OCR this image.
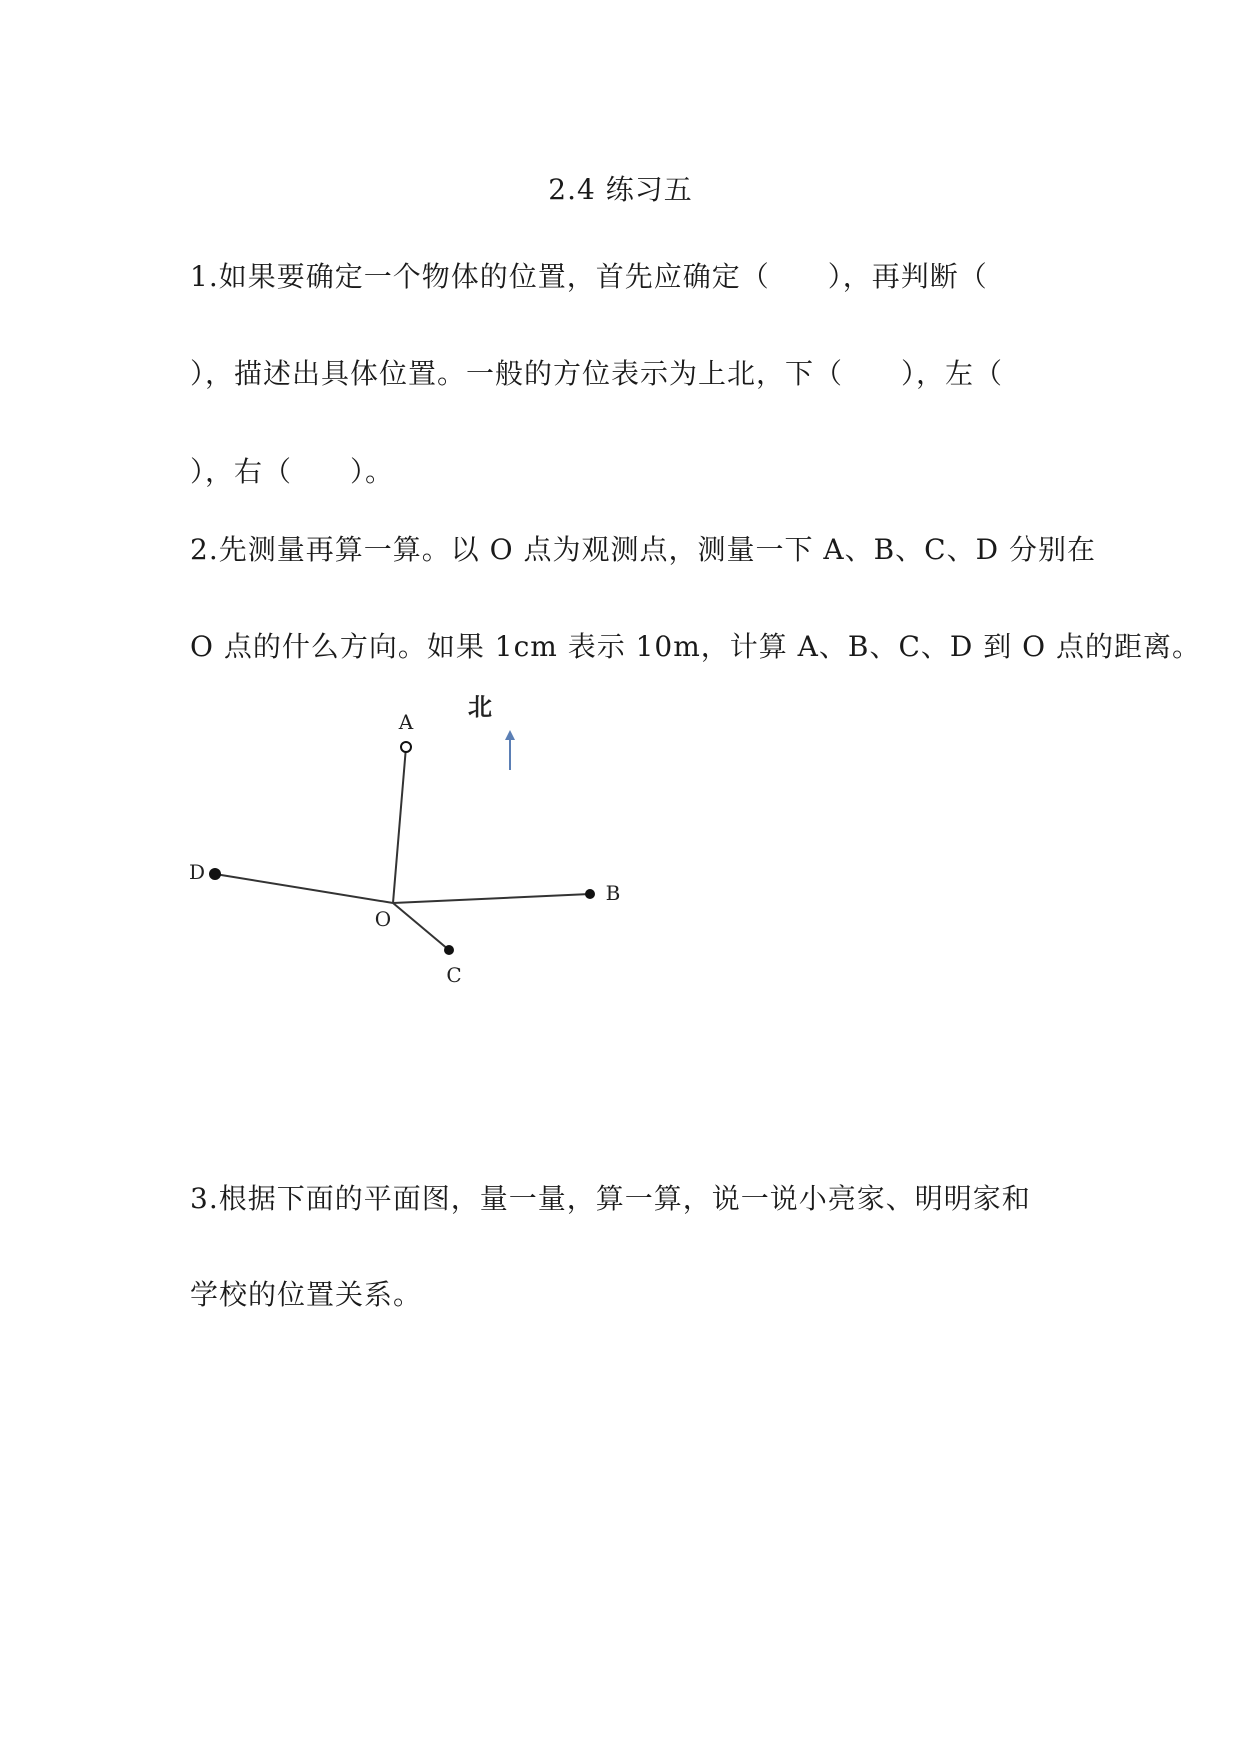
2.4 练习五
1.如果要确定一个物体的位置，首先应确定（　　），再判断（
），描述出具体位置。一般的方位表示为上北，下（　　），左（
），右（　　）。
2.先测量再算一算。以 O 点为观测点，测量一下 A、B、C、D 分别在
O 点的什么方向。如果 1cm 表示 10m，计算 A、B、C、D 到 O 点的距离。
北
A
B
C
D
O
3.根据下面的平面图，量一量，算一算，说一说小亮家、明明家和
学校的位置关系。
